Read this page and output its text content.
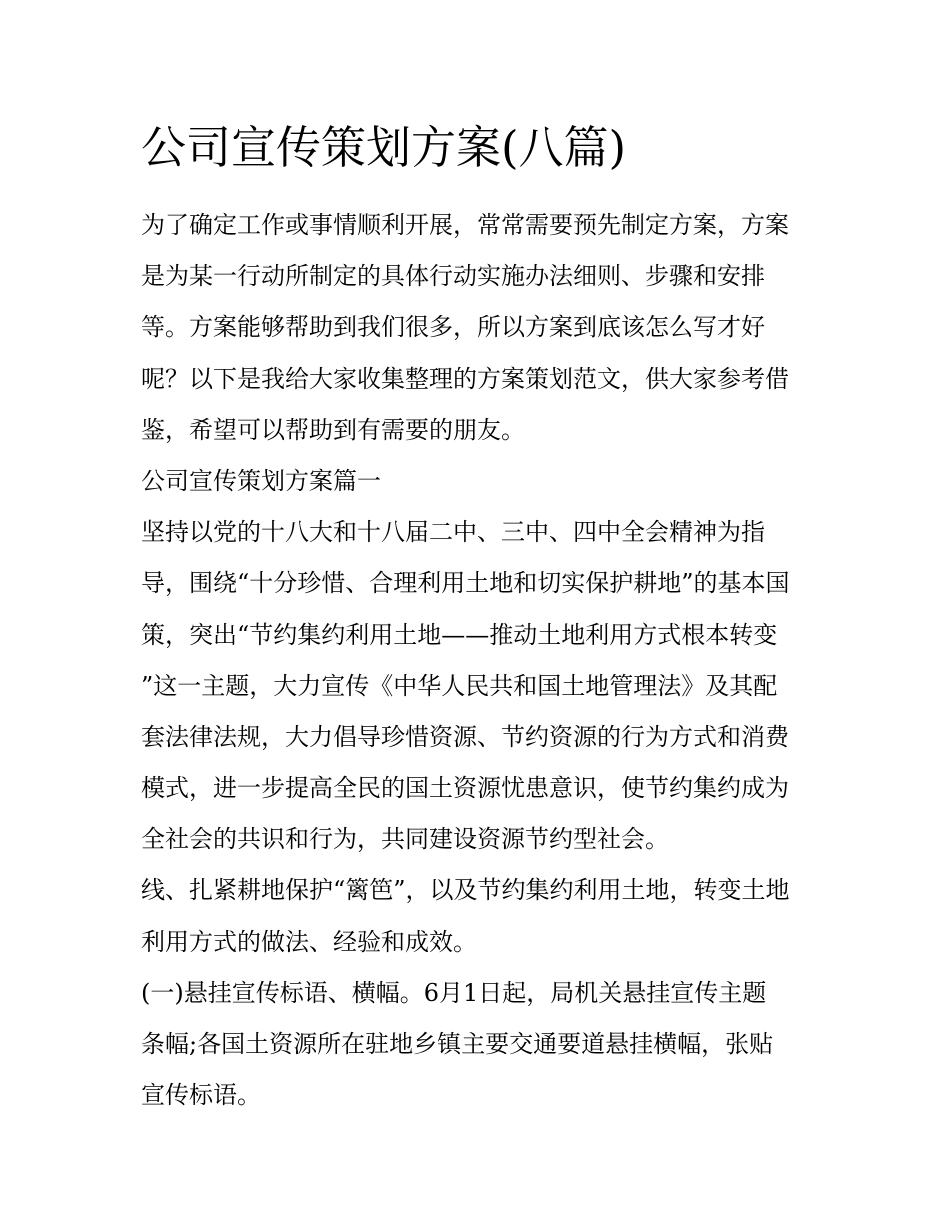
公司宣传策划方案(八篇)
为了确定工作或事情顺利开展，常常需要预先制定方案，方案
是为某一行动所制定的具体行动实施办法细则、步骤和安排
等。方案能够帮助到我们很多，所以方案到底该怎么写才好
呢？以下是我给大家收集整理的方案策划范文，供大家参考借
鉴，希望可以帮助到有需要的朋友。
公司宣传策划方案篇一
坚持以党的十八大和十八届二中、三中、四中全会精神为指
导，围绕“十分珍惜、合理利用土地和切实保护耕地”的基本国
策，突出“节约集约利用土地——推动土地利用方式根本转变
”这一主题，大力宣传《中华人民共和国土地管理法》及其配
套法律法规，大力倡导珍惜资源、节约资源的行为方式和消费
模式，进一步提高全民的国土资源忧患意识，使节约集约成为
全社会的共识和行为，共同建设资源节约型社会。
线、扎紧耕地保护“篱笆”，以及节约集约利用土地，转变土地
利用方式的做法、经验和成效。
(一)悬挂宣传标语、横幅。6月1日起，局机关悬挂宣传主题
条幅;各国土资源所在驻地乡镇主要交通要道悬挂横幅，张贴
宣传标语。
